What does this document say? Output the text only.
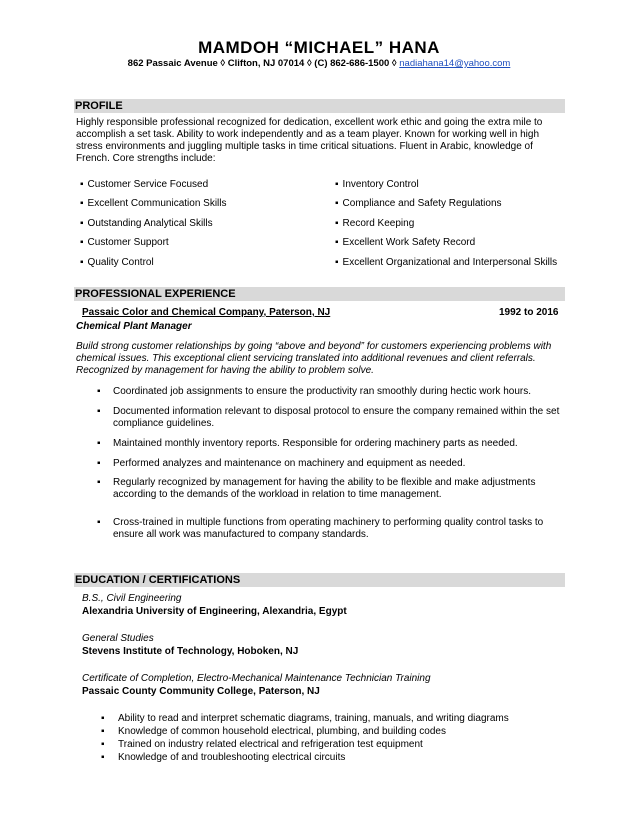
MAMDOH “MICHAEL” HANA
862 Passaic Avenue ◊ Clifton, NJ 07014 ◊ (C) 862-686-1500 ◊ nadiahana14@yahoo.com
PROFILE
Highly responsible professional recognized for dedication, excellent work ethic and going the extra mile to accomplish a set task. Ability to work independently and as a team player. Known for working well in high stress environments and juggling multiple tasks in time critical situations. Fluent in Arabic, knowledge of French. Core strengths include:
▪ Customer Service Focused
▪ Excellent Communication Skills
▪ Outstanding Analytical Skills
▪ Customer Support
▪ Quality Control
▪ Inventory Control
▪ Compliance and Safety Regulations
▪ Record Keeping
▪ Excellent Work Safety Record
▪ Excellent Organizational and Interpersonal Skills
PROFESSIONAL EXPERIENCE
Passaic Color and Chemical Company, Paterson, NJ	1992 to 2016
Chemical Plant Manager
Build strong customer relationships by going “above and beyond” for customers experiencing problems with chemical issues. This exceptional client servicing translated into additional revenues and client referrals. Recognized by management for having the ability to problem solve.
▪ Coordinated job assignments to ensure the productivity ran smoothly during hectic work hours.
▪ Documented information relevant to disposal protocol to ensure the company remained within the set compliance guidelines.
▪ Maintained monthly inventory reports. Responsible for ordering machinery parts as needed.
▪ Performed analyzes and maintenance on machinery and equipment as needed.
▪ Regularly recognized by management for having the ability to be flexible and make adjustments according to the demands of the workload in relation to time management.
▪ Cross-trained in multiple functions from operating machinery to performing quality control tasks to ensure all work was manufactured to company standards.
EDUCATION / CERTIFICATIONS
B.S., Civil Engineering
Alexandria University of Engineering, Alexandria, Egypt
General Studies
Stevens Institute of Technology, Hoboken, NJ
Certificate of Completion, Electro-Mechanical Maintenance Technician Training
Passaic County Community College, Paterson, NJ
▪ Ability to read and interpret schematic diagrams, training, manuals, and writing diagrams
▪ Knowledge of common household electrical, plumbing, and building codes
▪ Trained on industry related electrical and refrigeration test equipment
▪ Knowledge of and troubleshooting electrical circuits
